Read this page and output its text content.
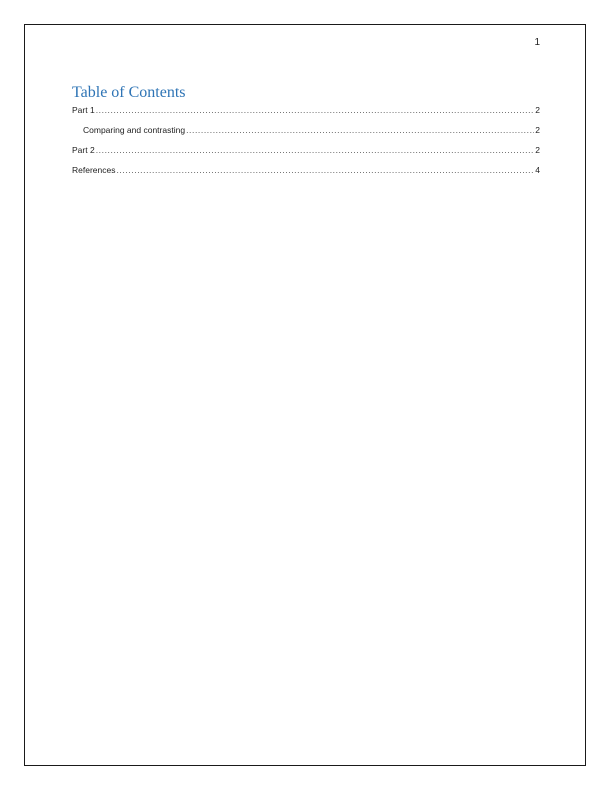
1
Table of Contents
Part 1 .....	2
Comparing and contrasting .....	2
Part 2 .....	2
References .....	4
